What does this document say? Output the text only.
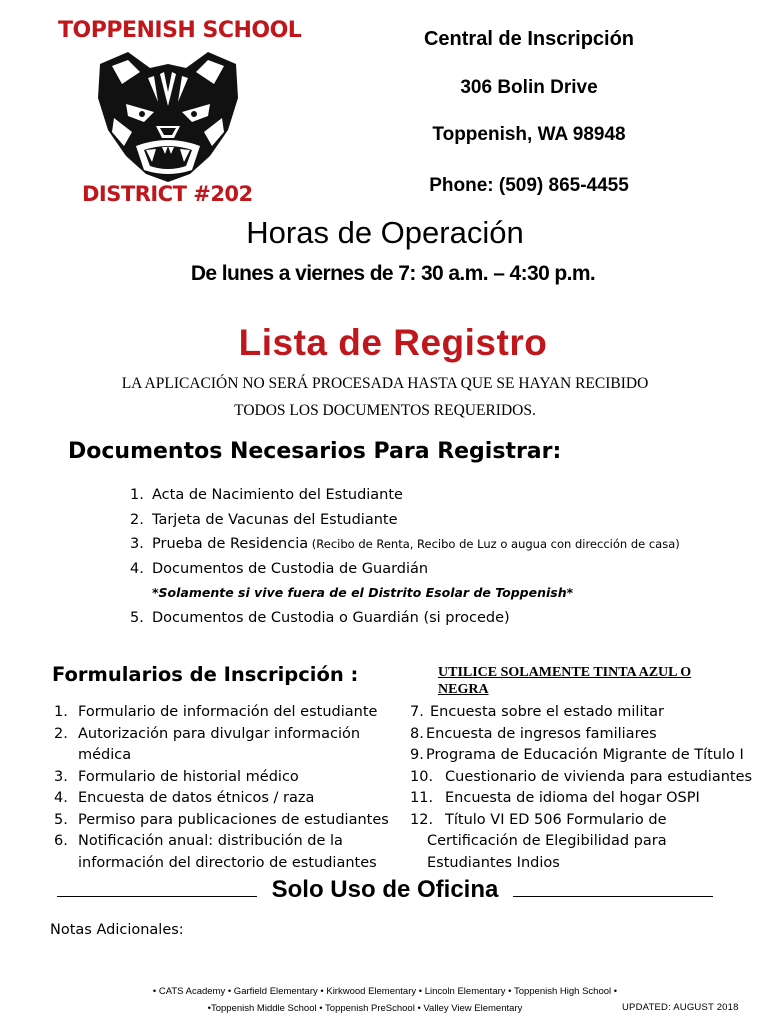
TOPPENISH SCHOOL
DISTRICT #202
Central de Inscripción
306 Bolin Drive
Toppenish, WA 98948
Phone: (509) 865-4455
Horas de Operación
De lunes a viernes de 7: 30 a.m. – 4:30 p.m.
Lista de Registro
LA APLICACIÓN NO SERÁ PROCESADA HASTA QUE SE HAYAN RECIBIDO
TODOS LOS DOCUMENTOS REQUERIDOS.
Documentos Necesarios Para Registrar:
1. Acta de Nacimiento del Estudiante
2. Tarjeta de Vacunas del Estudiante
3. Prueba de Residencia (Recibo de Renta, Recibo de Luz o augua con dirección de casa)
4. Documentos de Custodia de Guardián
*Solamente si vive fuera de el Distrito Esolar de Toppenish*
5. Documentos de Custodia o Guardián (si procede)
Formularios de Inscripción :	UTILICE SOLAMENTE TINTA AZUL O NEGRA
1. Formulario de información del estudiante
2. Autorización para divulgar información médica
3. Formulario de historial médico
4. Encuesta de datos étnicos / raza
5. Permiso para publicaciones de estudiantes
6. Notificación anual: distribución de la información del directorio de estudiantes
7. Encuesta sobre el estado militar
8. Encuesta de ingresos familiares
9. Programa de Educación Migrante de Título I
10. Cuestionario de vivienda para estudiantes
11. Encuesta de idioma del hogar OSPI
12. Título VI ED 506 Formulario de Certificación de Elegibilidad para Estudiantes Indios
Solo Uso de Oficina
Notas Adicionales:
• CATS Academy • Garfield Elementary • Kirkwood Elementary • Lincoln Elementary • Toppenish High School •
•Toppenish Middle School • Toppenish PreSchool • Valley View Elementary	UPDATED: AUGUST 2018
